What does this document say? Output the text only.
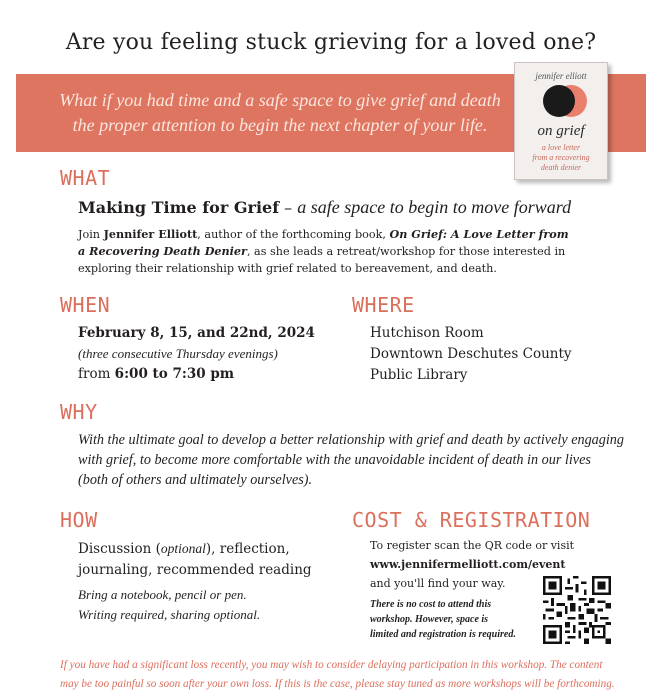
Are you feeling stuck grieving for a loved one?
What if you had time and a safe space to give grief and death
the proper attention to begin the next chapter of your life.
jennifer elliott
on grief
a love letter
from a recovering
death denier
WHAT
Making Time for Grief – a safe space to begin to move forward
Join Jennifer Elliott, author of the forthcoming book, On Grief: A Love Letter from
a Recovering Death Denier, as she leads a retreat/workshop for those interested in
exploring their relationship with grief related to bereavement, and death.
WHEN
February 8, 15, and 22nd, 2024
(three consecutive Thursday evenings)
from 6:00 to 7:30 pm
WHERE
Hutchison Room
Downtown Deschutes County
Public Library
WHY
With the ultimate goal to develop a better relationship with grief and death by actively engaging
with grief, to become more comfortable with the unavoidable incident of death in our lives
(both of others and ultimately ourselves).
HOW
Discussion (optional), reflection,
journaling, recommended reading
Bring a notebook, pencil or pen.
Writing required, sharing optional.
COST & REGISTRATION
To register scan the QR code or visit
www.jennifermelliott.com/event
and you'll find your way.
There is no cost to attend this
workshop. However, space is
limited and registration is required.
If you have had a significant loss recently, you may wish to consider delaying participation in this workshop. The content
may be too painful so soon after your own loss. If this is the case, please stay tuned as more workshops will be forthcoming.
